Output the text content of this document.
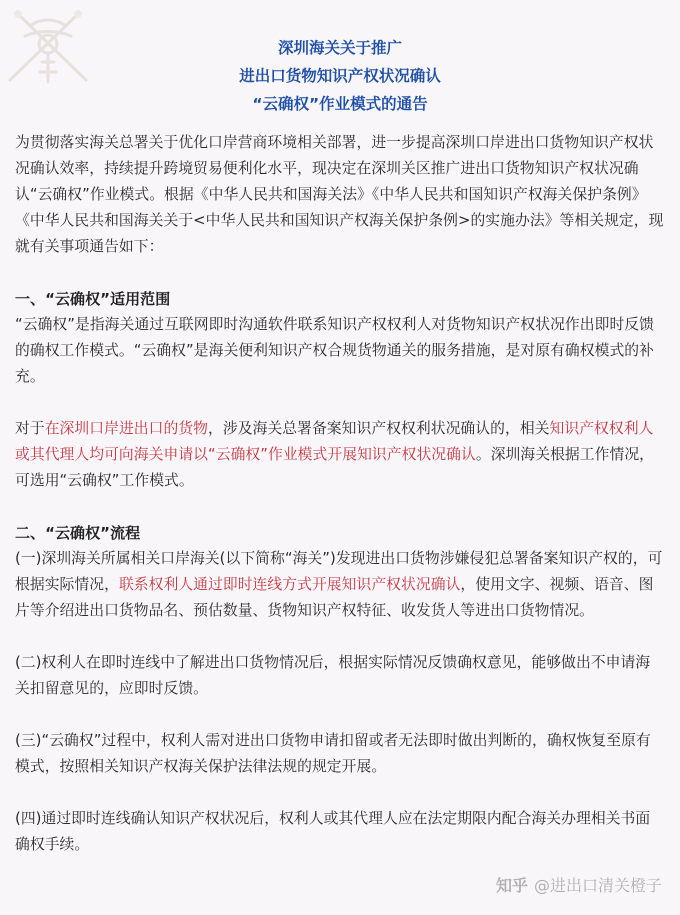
深圳海关关于推广
进出口货物知识产权状况确认
“云确权”作业模式的通告

为贯彻落实海关总署关于优化口岸营商环境相关部署，进一步提高深圳口岸进出口货物知识产权状况确认效率，持续提升跨境贸易便利化水平，现决定在深圳关区推广进出口货物知识产权状况确认“云确权”作业模式。根据《中华人民共和国海关法》《中华人民共和国知识产权海关保护条例》《中华人民共和国海关关于<中华人民共和国知识产权海关保护条例>的实施办法》等相关规定，现就有关事项通告如下：

一、“云确权”适用范围

“云确权”是指海关通过互联网即时沟通软件联系知识产权权利人对货物知识产权状况作出即时反馈的确权工作模式。“云确权”是海关便利知识产权合规货物通关的服务措施，是对原有确权模式的补充。

对于在深圳口岸进出口的货物，涉及海关总署备案知识产权权利状况确认的，相关知识产权权利人或其代理人均可向海关申请以“云确权”作业模式开展知识产权状况确认。深圳海关根据工作情况，可选用“云确权”工作模式。

二、“云确权”流程

(一)深圳海关所属相关口岸海关(以下简称“海关”)发现进出口货物涉嫌侵犯总署备案知识产权的，可根据实际情况，联系权利人通过即时连线方式开展知识产权状况确认，使用文字、视频、语音、图片等介绍进出口货物品名、预估数量、货物知识产权特征、收发货人等进出口货物情况。

(二)权利人在即时连线中了解进出口货物情况后，根据实际情况反馈确权意见，能够做出不申请海关扣留意见的，应即时反馈。

(三)“云确权”过程中，权利人需对进出口货物申请扣留或者无法即时做出判断的，确权恢复至原有模式，按照相关知识产权海关保护法律法规的规定开展。

(四)通过即时连线确认知识产权状况后，权利人或其代理人应在法定期限内配合海关办理相关书面确权手续。

知乎 @进出口清关橙子
